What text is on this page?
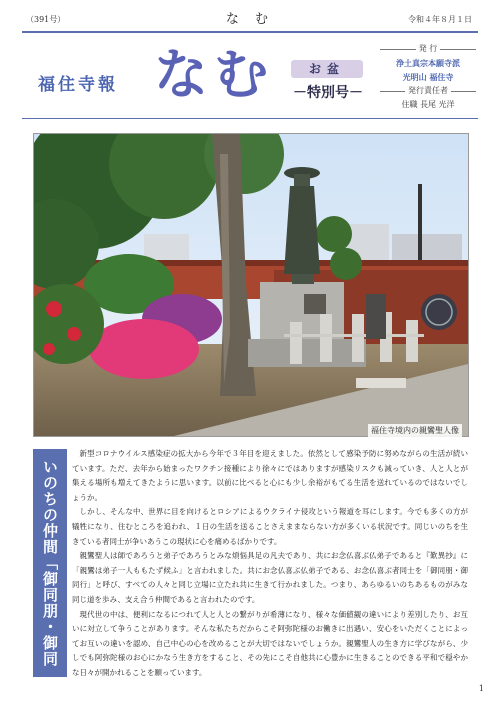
（391号）	な む	令和４年８月１日
福住寺報 なむ	お盆
－特別号－
発 行
浄土真宗本願寺派
光明山 福住寺
発行責任者
住職 長尾 光洋
福住寺境内の親鸞聖人像
いのちの仲間「御同朋・御同行」

新型コロナウイルス感染症の拡大から今年で３年目を迎えました。依然として感染予防に努めながらの生活が続いています。ただ、去年から始まったワクチン接種により徐々にではありますが感染リスクも減っていき、人と人とが集える場所も増えてきたように思います。以前に比べると心にも少し余裕がもてる生活を送れているのではないでしょうか。

しかし、そんな中、世界に目を向けるとロシアによるウクライナ侵攻という報道を耳にします。今でも多くの方が犠牲になり、住むところを追われ、１日の生活を送ることさえままならない方が多くいる状況です。同じいのちを生きている者同士が争いあうこの現状に心を痛めるばかりです。

親鸞聖人は師であろうと弟子であろうとみな煩悩具足の凡夫であり、共にお念仏喜ぶ仏弟子であると『歎異抄』に「親鸞は弟子一人ももたず候ふ」と言われました。共にお念仏喜ぶ仏弟子である、お念仏喜ぶ者同士を「御同朋・御同行」と呼び、すべての人々と同じ立場に立たれ共に生きて行かれました。つまり、あらゆるいのちあるものがみな同じ道を歩み、支え合う仲間であると言われたのです。

現代世の中は、便利になるにつれて人と人との繋がりが希薄になり、様々な価値観の違いにより差別したり、お互いに対立して争うことがあります。そんな私たちだからこそ阿弥陀様のお働きに出遇い、安心をいただくことによってお互いの違いを認め、自己中心の心を改めることが大切ではないでしょうか。親鸞聖人の生き方に学びながら、少しでも阿弥陀様のお心にかなう生き方をすること、その先にこそ自他共に心豊かに生きることのできる平和で穏やかな日々が開かれることを願っています。

1
